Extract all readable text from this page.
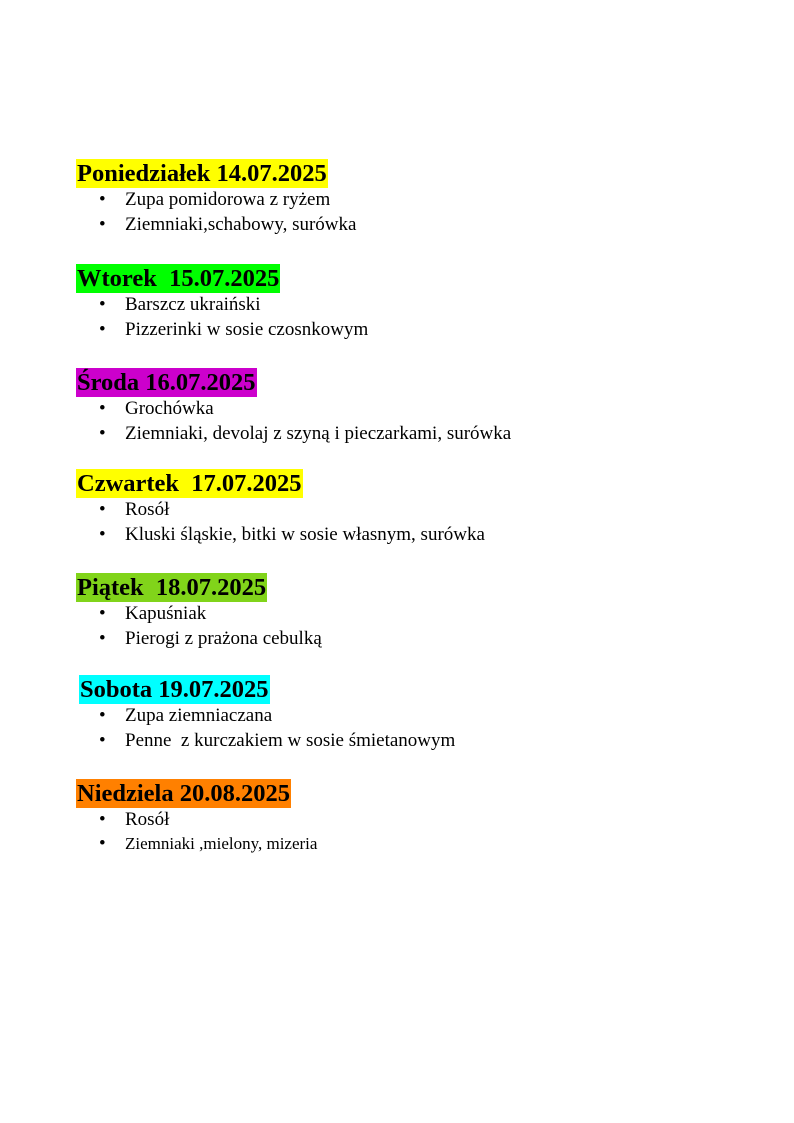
Poniedziałek 14.07.2025
• Zupa pomidorowa z ryżem
• Ziemniaki,schabowy, surówka
Wtorek  15.07.2025
• Barszcz ukraiński
• Pizzerinki w sosie czosnkowym
Środa 16.07.2025
• Grochówka
• Ziemniaki, devolaj z szyną i pieczarkami, surówka
Czwartek  17.07.2025
• Rosół
• Kluski śląskie, bitki w sosie własnym, surówka
Piątek  18.07.2025
• Kapuśniak
• Pierogi z prażona cebulką
Sobota 19.07.2025
• Zupa ziemniaczana
• Penne  z kurczakiem w sosie śmietanowym
Niedziela 20.08.2025
• Rosół
• Ziemniaki ,mielony, mizeria
